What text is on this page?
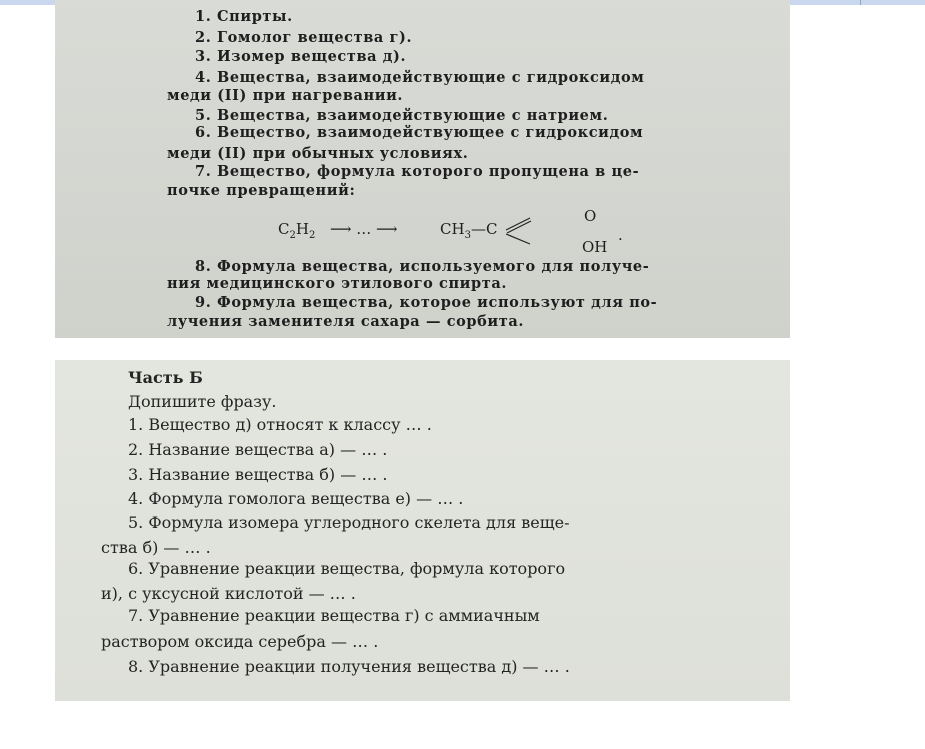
1. Спирты.
2. Гомолог вещества г).
3. Изомер вещества д).
4. Вещества, взаимодействующие с гидроксидом
меди (II) при нагревании.
5. Вещества, взаимодействующие с натрием.
6. Вещество, взаимодействующее с гидроксидом
меди (II) при обычных условиях.
7. Вещество, формула которого пропущена в це-
почке превращений:
$C_2H_2$ ⟶ … ⟶	$CH_3—C$
O
OH
.
8. Формула вещества, используемого для получе-
ния медицинского этилового спирта.
9. Формула вещества, которое используют для по-
лучения заменителя сахара — сорбита.
Часть Б
Допишите фразу.
1. Вещество д) относят к классу … .
2. Название вещества а) — … .
3. Название вещества б) — … .
4. Формула гомолога вещества е) — … .
5. Формула изомера углеродного скелета для веще-
ства б) — … .
6. Уравнение реакции вещества, формула которого
и), с уксусной кислотой — … .
7. Уравнение реакции вещества г) с аммиачным
раствором оксида серебра — … .
8. Уравнение реакции получения вещества д) — … .
